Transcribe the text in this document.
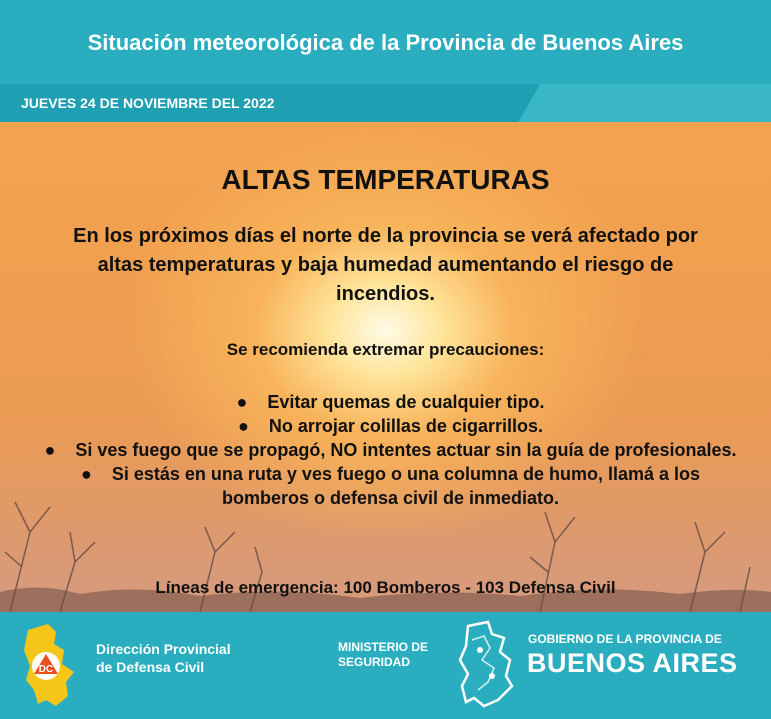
Situación meteorológica de la Provincia de Buenos Aires
JUEVES 24 DE NOVIEMBRE DEL 2022
ALTAS TEMPERATURAS
En los próximos días el norte de la provincia se verá afectado por altas temperaturas y baja humedad aumentando el riesgo de incendios.
Se recomienda extremar precauciones:
● Evitar quemas de cualquier tipo.
● No arrojar colillas de cigarrillos.
● Si ves fuego que se propagó, NO intentes actuar sin la guía de profesionales.
● Si estás en una ruta y ves fuego o una columna de humo, llamá a los bomberos o defensa civil de inmediato.
Líneas de emergencia: 100 Bomberos - 103 Defensa Civil
DC
Dirección Provincial
de Defensa Civil
MINISTERIO DE
SEGURIDAD
GOBIERNO DE LA PROVINCIA DE
BUENOS AIRES
